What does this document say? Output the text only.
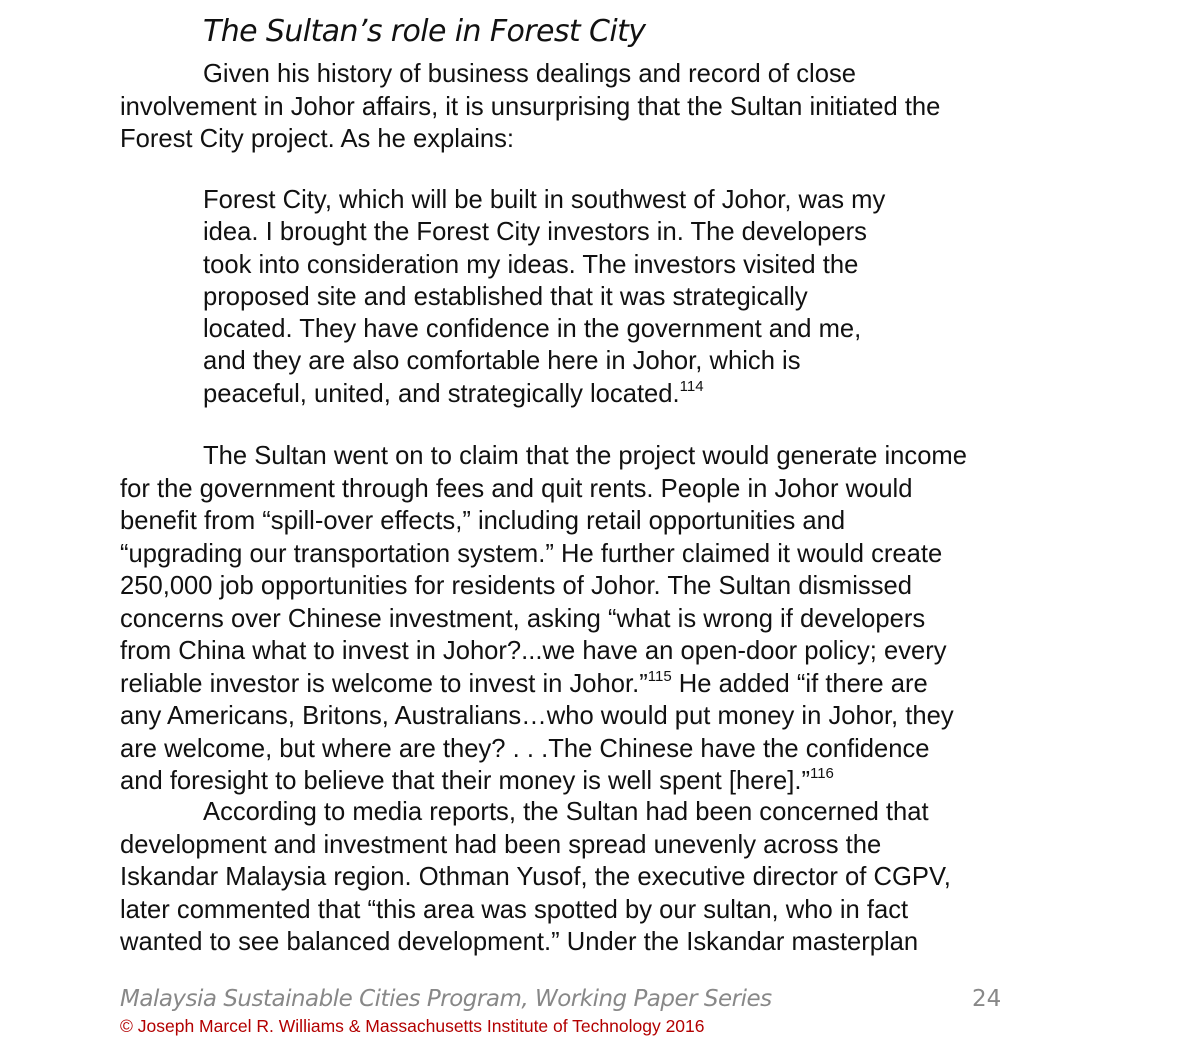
The Sultan’s role in Forest City
Given his history of business dealings and record of close
involvement in Johor affairs, it is unsurprising that the Sultan initiated the
Forest City project. As he explains:
Forest City, which will be built in southwest of Johor, was my
idea. I brought the Forest City investors in. The developers
took into consideration my ideas. The investors visited the
proposed site and established that it was strategically
located. They have confidence in the government and me,
and they are also comfortable here in Johor, which is
peaceful, united, and strategically located.$^{114}$
The Sultan went on to claim that the project would generate income
for the government through fees and quit rents. People in Johor would
benefit from “spill-over effects,” including retail opportunities and
“upgrading our transportation system.” He further claimed it would create
250,000 job opportunities for residents of Johor. The Sultan dismissed
concerns over Chinese investment, asking “what is wrong if developers
from China what to invest in Johor?...we have an open-door policy; every
reliable investor is welcome to invest in Johor.”$^{115}$ He added “if there are
any Americans, Britons, Australians…who would put money in Johor, they
are welcome, but where are they? . . .The Chinese have the confidence
and foresight to believe that their money is well spent [here].”$^{116}$
According to media reports, the Sultan had been concerned that
development and investment had been spread unevenly across the
Iskandar Malaysia region. Othman Yusof, the executive director of CGPV,
later commented that “this area was spotted by our sultan, who in fact
wanted to see balanced development.” Under the Iskandar masterplan
Malaysia Sustainable Cities Program, Working Paper Series	24
© Joseph Marcel R. Williams & Massachusetts Institute of Technology 2016
